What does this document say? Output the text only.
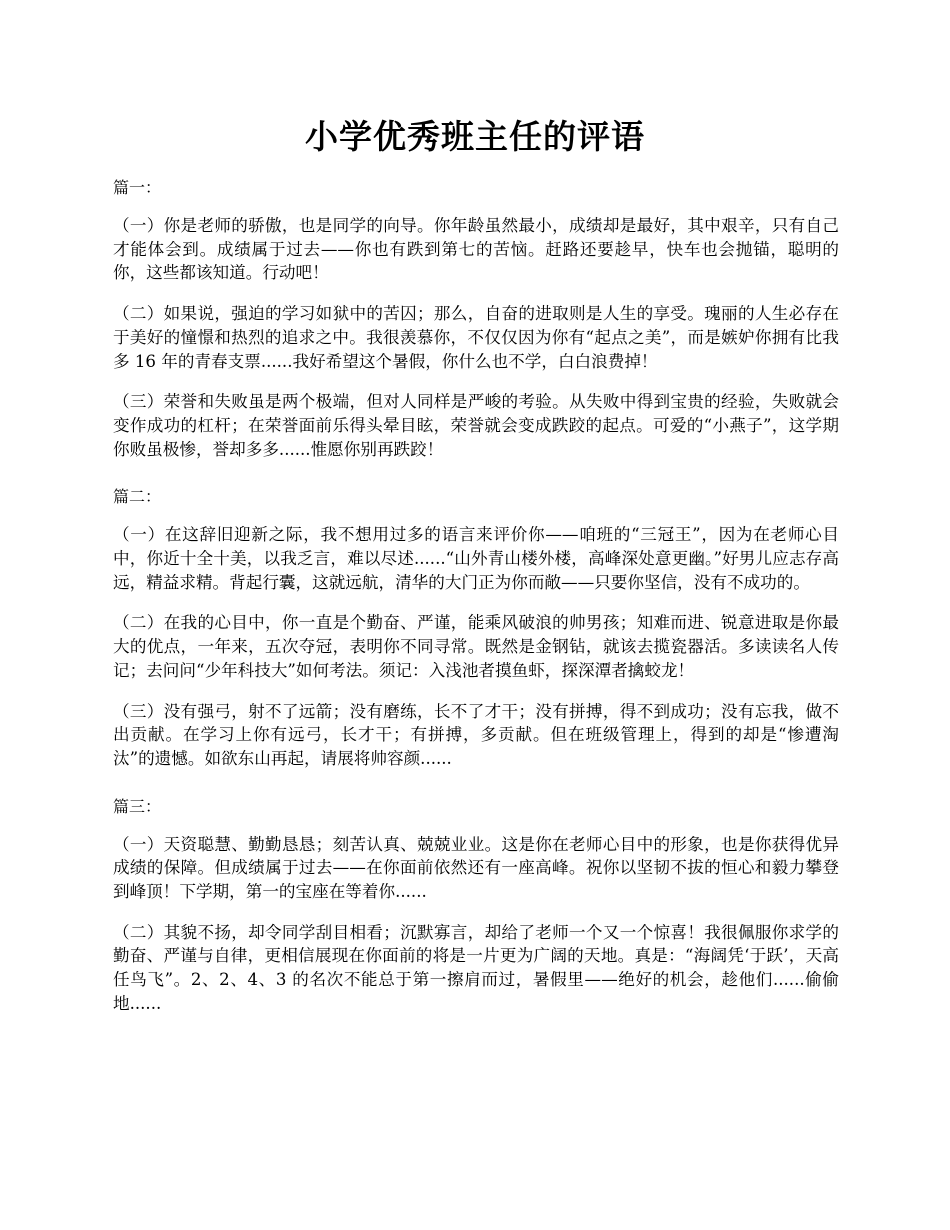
小学优秀班主任的评语

篇一：

（一）你是老师的骄傲，也是同学的向导。你年龄虽然最小，成绩却是最好，其中艰辛，只有自己才能体会到。成绩属于过去——你也有跌到第七的苦恼。赶路还要趁早，快车也会抛锚，聪明的你，这些都该知道。行动吧！

（二）如果说，强迫的学习如狱中的苦囚；那么，自奋的进取则是人生的享受。瑰丽的人生必存在于美好的憧憬和热烈的追求之中。我很羡慕你，不仅仅因为你有“起点之美”，而是嫉妒你拥有比我多 16 年的青春支票......我好希望这个暑假，你什么也不学，白白浪费掉！

（三）荣誉和失败虽是两个极端，但对人同样是严峻的考验。从失败中得到宝贵的经验，失败就会变作成功的杠杆；在荣誉面前乐得头晕目眩，荣誉就会变成跌跤的起点。可爱的“小燕子”，这学期你败虽极惨，誉却多多......惟愿你别再跌跤！

篇二：

（一）在这辞旧迎新之际，我不想用过多的语言来评价你——咱班的“三冠王”，因为在老师心目中，你近十全十美，以我乏言，难以尽述......“山外青山楼外楼，高峰深处意更幽。”好男儿应志存高远，精益求精。背起行囊，这就远航，清华的大门正为你而敞——只要你坚信，没有不成功的。

（二）在我的心目中，你一直是个勤奋、严谨，能乘风破浪的帅男孩；知难而进、锐意进取是你最大的优点，一年来，五次夺冠，表明你不同寻常。既然是金钢钻，就该去揽瓷器活。多读读名人传记；去问问“少年科技大”如何考法。须记：入浅池者摸鱼虾，探深潭者擒蛟龙！

（三）没有强弓，射不了远箭；没有磨练，长不了才干；没有拼搏，得不到成功；没有忘我，做不出贡献。在学习上你有远弓，长才干；有拼搏，多贡献。但在班级管理上，得到的却是“惨遭淘汰”的遗憾。如欲东山再起，请展将帅容颜......

篇三：

（一）天资聪慧、勤勤恳恳；刻苦认真、兢兢业业。这是你在老师心目中的形象，也是你获得优异成绩的保障。但成绩属于过去——在你面前依然还有一座高峰。祝你以坚韧不拔的恒心和毅力攀登到峰顶！下学期，第一的宝座在等着你......

（二）其貌不扬，却令同学刮目相看；沉默寡言，却给了老师一个又一个惊喜！我很佩服你求学的勤奋、严谨与自律，更相信展现在你面前的将是一片更为广阔的天地。真是：“海阔凭‘于跃’，天高任鸟飞”。2、2、4、3 的名次不能总于第一擦肩而过，暑假里——绝好的机会，趁他们......偷偷地......
